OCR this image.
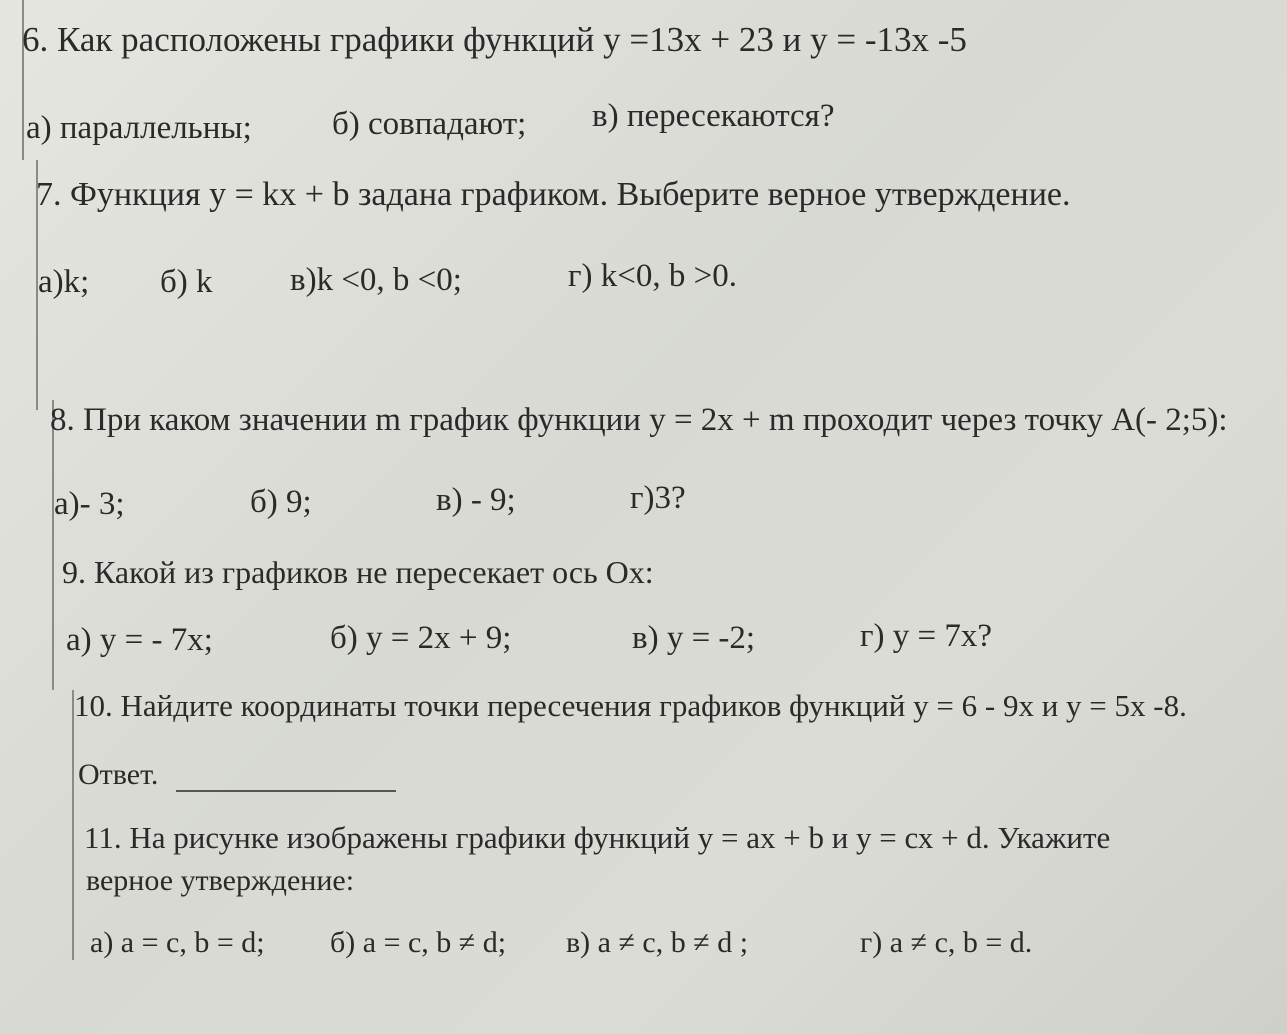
6. Как расположены графики функций у =13х + 23 и у = -13х -5
а) параллельны; б) совпадают; в) пересекаются?
7. Функция у = kx + b задана графиком. Выберите верное утверждение.
а)k; б) k в)k <0, b <0;	г) k<0, b >0.
8. При каком значении m график функции у = 2х + m проходит через точку А(- 2;5):
а)- 3;	б) 9;	в) - 9;	г)3?
9. Какой из графиков не пересекает ось Ох:
а) у = - 7х;	б) у = 2х + 9;	в) у = -2;	г) у = 7х?
10. Найдите координаты точки пересечения графиков функций у = 6 - 9х и у = 5х -8.
Ответ.
11. На рисунке изображены графики функций у = ах + b и у = сх + d. Укажите
верное утверждение:
а) а = с, b = d; б) а = с, b ≠ d; в) а ≠ с, b ≠ d ;	г) а ≠ с, b = d.
